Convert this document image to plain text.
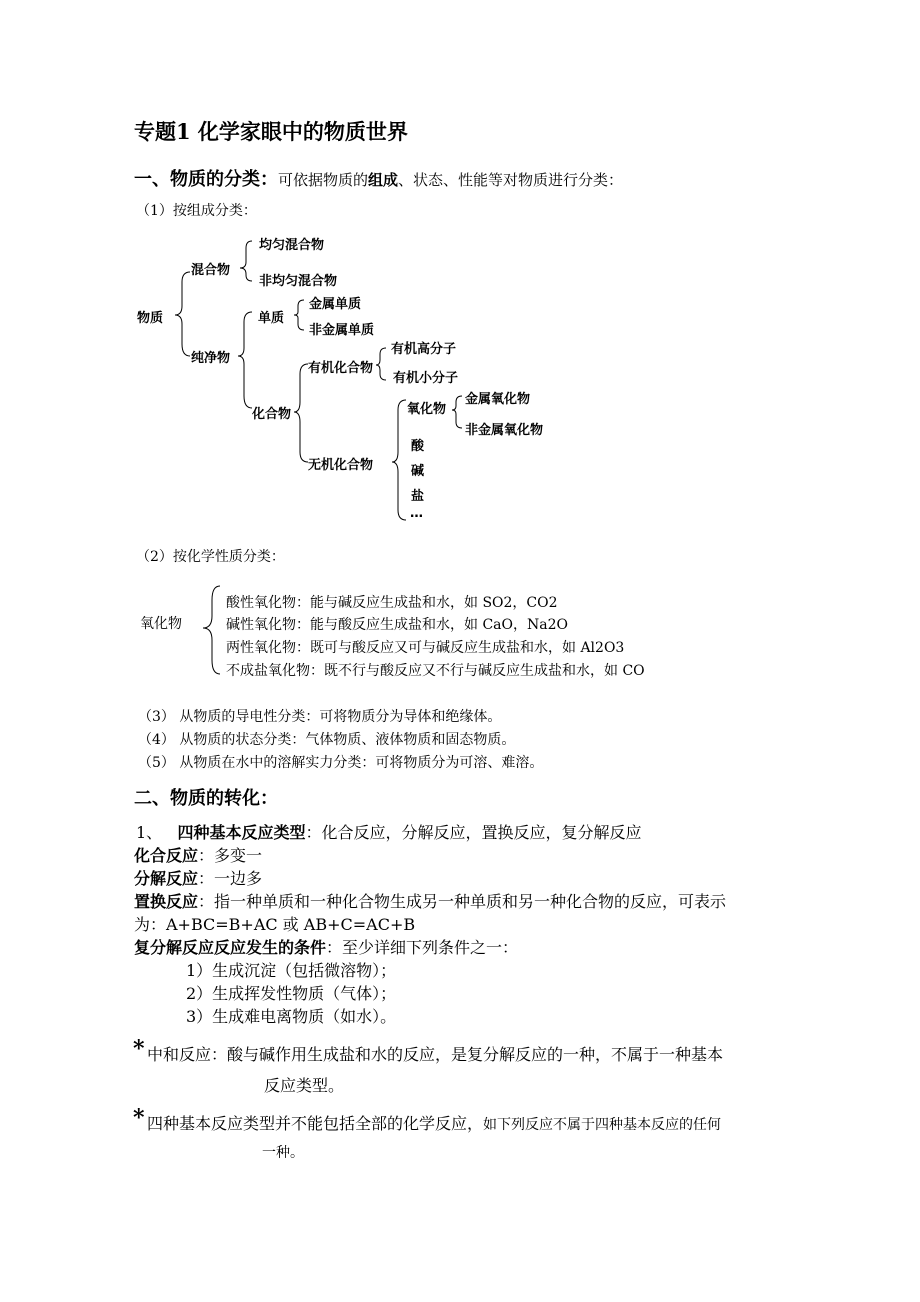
专题1 化学家眼中的物质世界
一、物质的分类：可依据物质的组成、状态、性能等对物质进行分类：
（1）按组成分类：
物质
混合物
均匀混合物
非均匀混合物
纯净物
单质
金属单质
非金属单质
化合物
有机化合物
有机高分子
有机小分子
无机化合物
氧化物
金属氧化物
非金属氧化物
酸
碱
盐
…
（2）按化学性质分类：
氧化物
酸性氧化物：能与碱反应生成盐和水，如 SO2，CO2
碱性氧化物：能与酸反应生成盐和水，如 CaO，Na2O
两性氧化物：既可与酸反应又可与碱反应生成盐和水，如 Al2O3
不成盐氧化物：既不行与酸反应又不行与碱反应生成盐和水，如 CO
（3） 从物质的导电性分类：可将物质分为导体和绝缘体。
（4） 从物质的状态分类：气体物质、液体物质和固态物质。
（5） 从物质在水中的溶解实力分类：可将物质分为可溶、难溶。
二、物质的转化：
1、 四种基本反应类型：化合反应，分解反应，置换反应，复分解反应
化合反应：多变一
分解反应：一边多
置换反应：指一种单质和一种化合物生成另一种单质和另一种化合物的反应，可表示
为：A+BC=B+AC 或 AB+C=AC+B
复分解反应反应发生的条件：至少详细下列条件之一：
1）生成沉淀（包括微溶物）；
2）生成挥发性物质（气体）；
3）生成难电离物质（如水）。
* 中和反应：酸与碱作用生成盐和水的反应，是复分解反应的一种，不属于一种基本
反应类型。
* 四种基本反应类型并不能包括全部的化学反应，如下列反应不属于四种基本反应的任何
一种。
